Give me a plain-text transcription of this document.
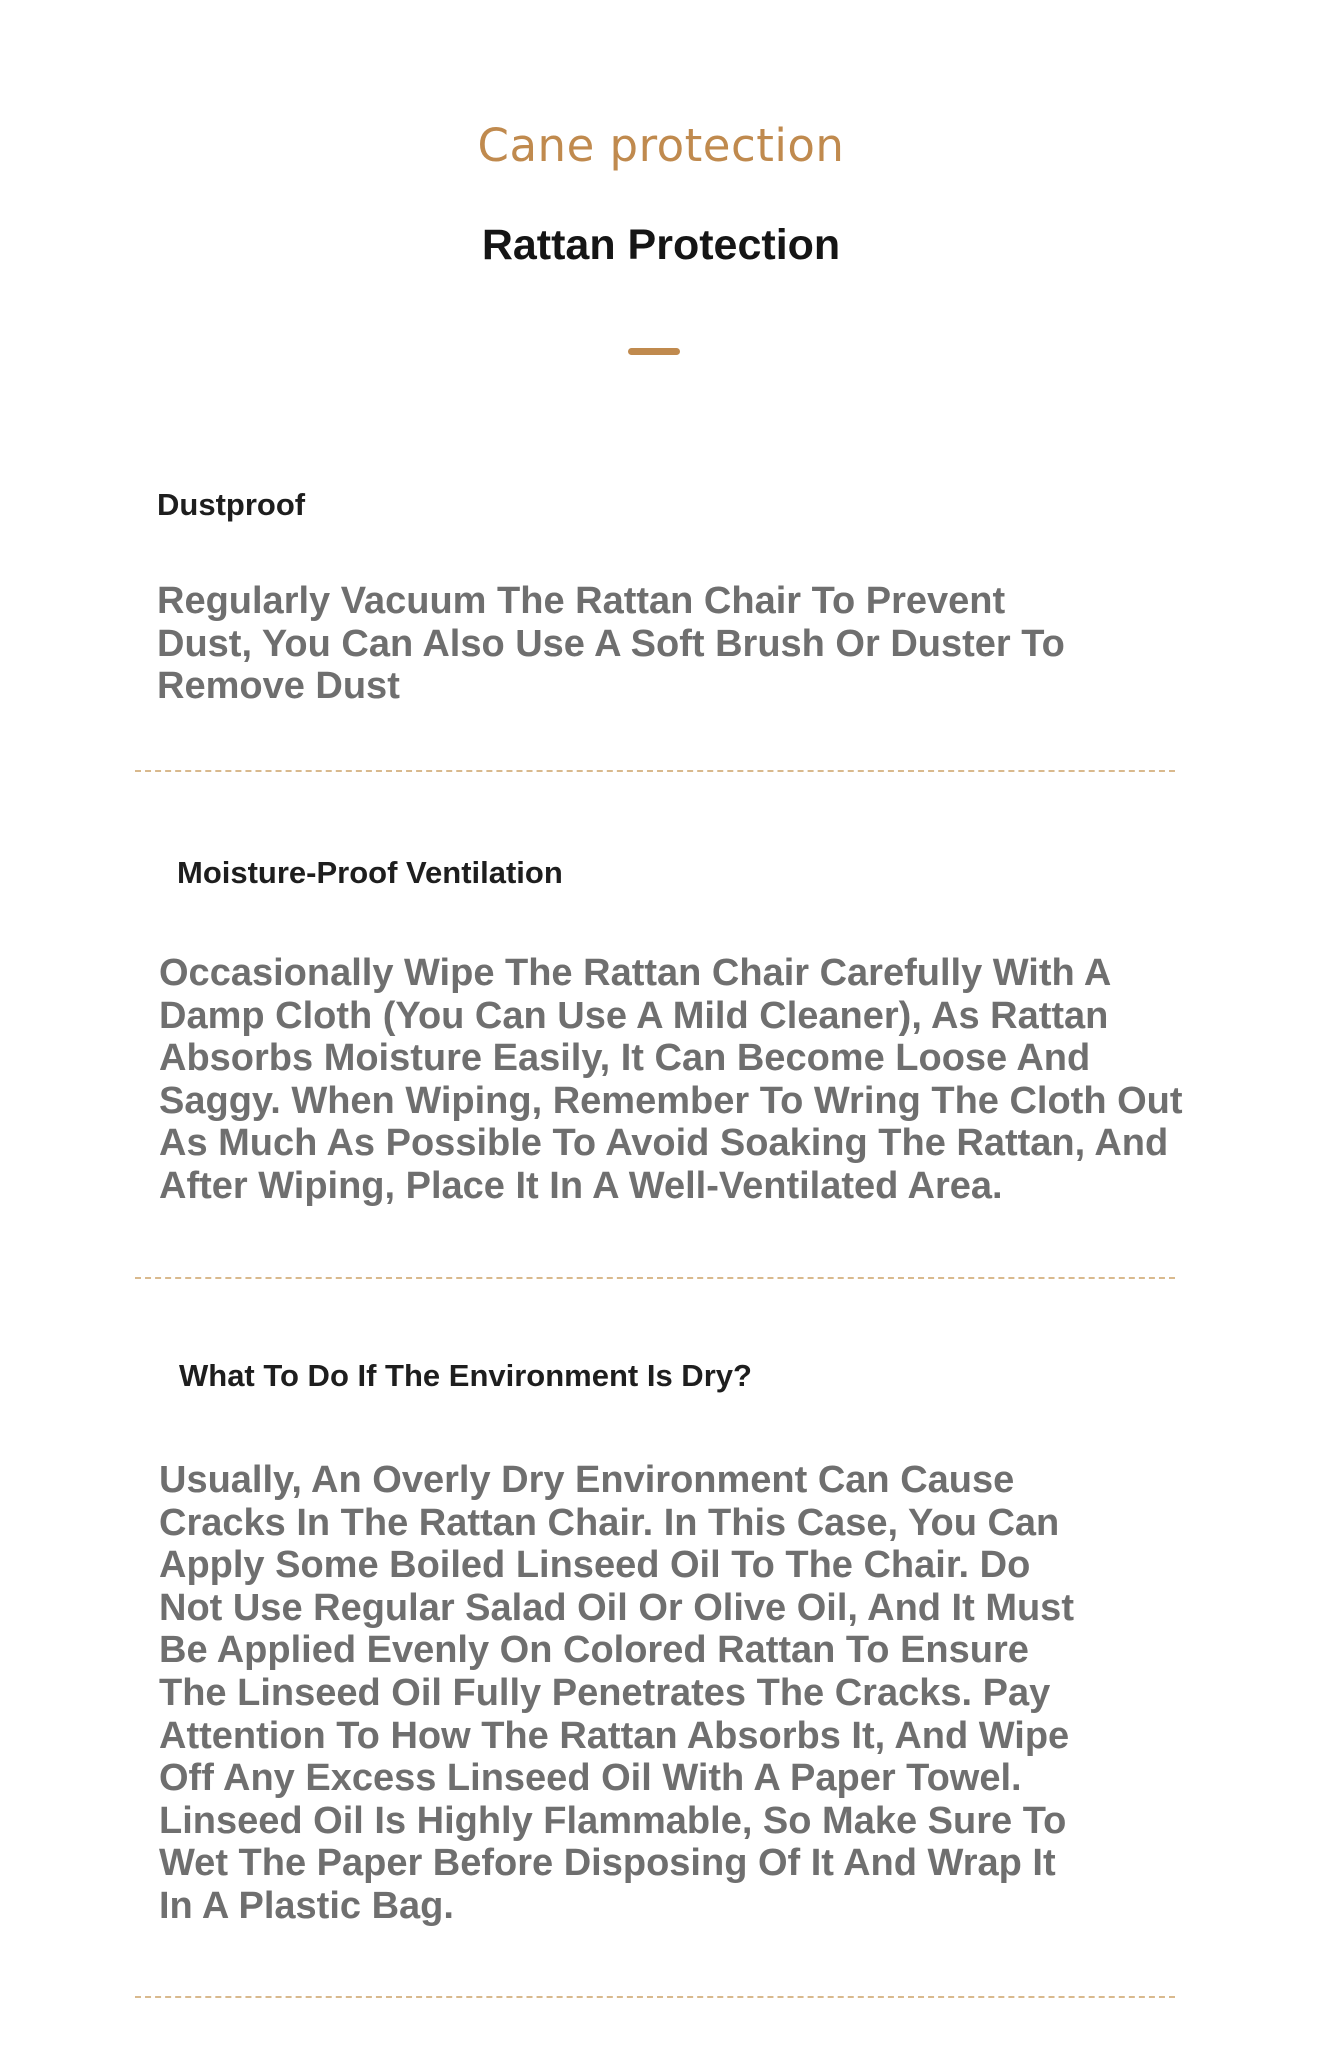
Cane protection
Rattan Protection
Dustproof
Regularly Vacuum The Rattan Chair To Prevent
Dust, You Can Also Use A Soft Brush Or Duster To
Remove Dust
Moisture-Proof Ventilation
Occasionally Wipe The Rattan Chair Carefully With A
Damp Cloth (You Can Use A Mild Cleaner), As Rattan
Absorbs Moisture Easily, It Can Become Loose And
Saggy. When Wiping, Remember To Wring The Cloth Out
As Much As Possible To Avoid Soaking The Rattan, And
After Wiping, Place It In A Well-Ventilated Area.
What To Do If The Environment Is Dry?
Usually, An Overly Dry Environment Can Cause
Cracks In The Rattan Chair. In This Case, You Can
Apply Some Boiled Linseed Oil To The Chair. Do
Not Use Regular Salad Oil Or Olive Oil, And It Must
Be Applied Evenly On Colored Rattan To Ensure
The Linseed Oil Fully Penetrates The Cracks. Pay
Attention To How The Rattan Absorbs It, And Wipe
Off Any Excess Linseed Oil With A Paper Towel.
Linseed Oil Is Highly Flammable, So Make Sure To
Wet The Paper Before Disposing Of It And Wrap It
In A Plastic Bag.
